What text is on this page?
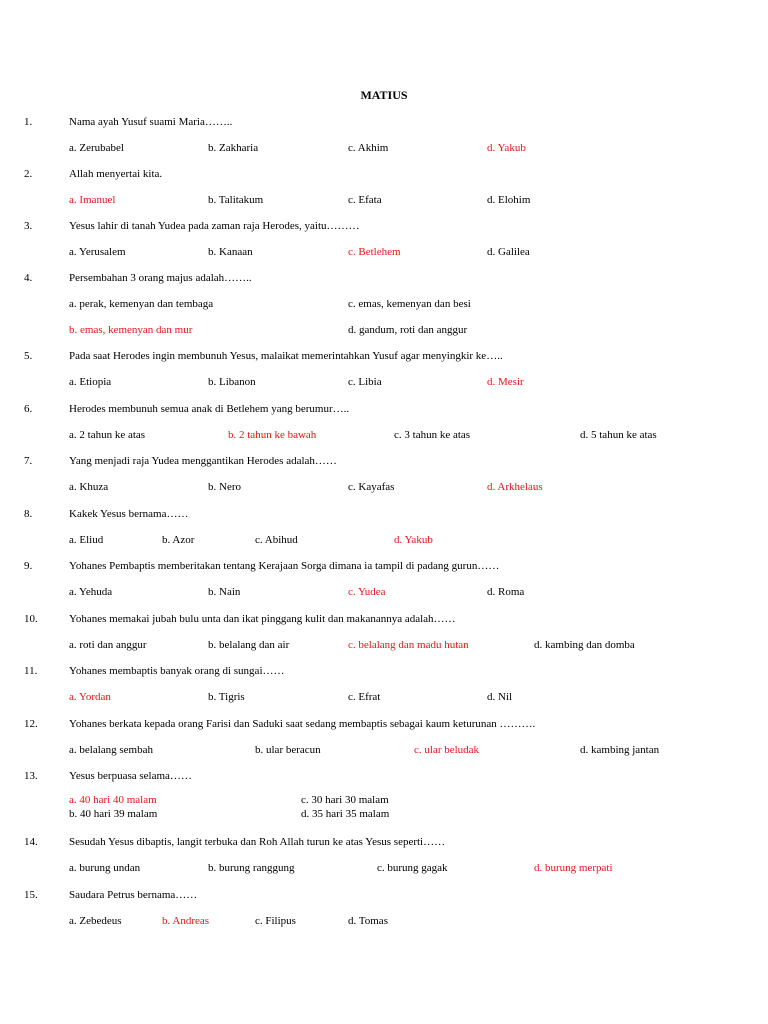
MATIUS
1.	Nama ayah Yusuf suami Maria……..
a. Zerubabel	b. Zakharia	c. Akhim	d. Yakub
2.	Allah menyertai kita.
a. Imanuel	b. Talitakum	c. Efata	d. Elohim
3.	Yesus lahir di tanah Yudea pada zaman raja Herodes, yaitu………
a. Yerusalem	b. Kanaan	c. Betlehem	d. Galilea
4.	Persembahan 3 orang majus adalah……..
a. perak, kemenyan dan tembaga	c. emas, kemenyan dan besi
b. emas, kemenyan dan mur	d. gandum, roti dan anggur
5.	Pada saat Herodes ingin membunuh Yesus, malaikat memerintahkan Yusuf agar menyingkir ke…..
a. Etiopia	b. Libanon	c. Libia	d. Mesir
6.	Herodes membunuh semua anak di Betlehem yang berumur…..
a. 2 tahun ke atas	b. 2 tahun ke bawah	c. 3 tahun ke atas	d. 5 tahun ke atas
7.	Yang menjadi raja Yudea menggantikan Herodes adalah……
a. Khuza	b. Nero	c. Kayafas	d. Arkhelaus
8.	Kakek Yesus bernama……
a. Eliud	b. Azor	c. Abihud	d. Yakub
9.	Yohanes Pembaptis memberitakan tentang Kerajaan Sorga dimana ia tampil di padang gurun……
a. Yehuda	b. Nain	c. Yudea	d. Roma
10.	Yohanes memakai jubah bulu unta dan ikat pinggang kulit dan makanannya adalah……
a. roti dan anggur	b. belalang dan air	c. belalang dan madu hutan	d. kambing dan domba
11.	Yohanes membaptis banyak orang di sungai……
a. Yordan	b. Tigris	c. Efrat	d. Nil
12.	Yohanes berkata kepada orang Farisi dan Saduki saat sedang membaptis sebagai kaum keturunan ……….
a. belalang sembah	b. ular beracun	c. ular beludak	d. kambing jantan
13.	Yesus berpuasa selama……
a. 40 hari 40 malam	c. 30 hari 30 malam
b. 40 hari 39 malam	d. 35 hari 35 malam
14.	Sesudah Yesus dibaptis, langit terbuka dan Roh Allah turun ke atas Yesus seperti……
a. burung undan	b. burung ranggung	c. burung gagak	d. burung merpati
15.	Saudara Petrus bernama……
a. Zebedeus	b. Andreas	c. Filipus	d. Tomas
